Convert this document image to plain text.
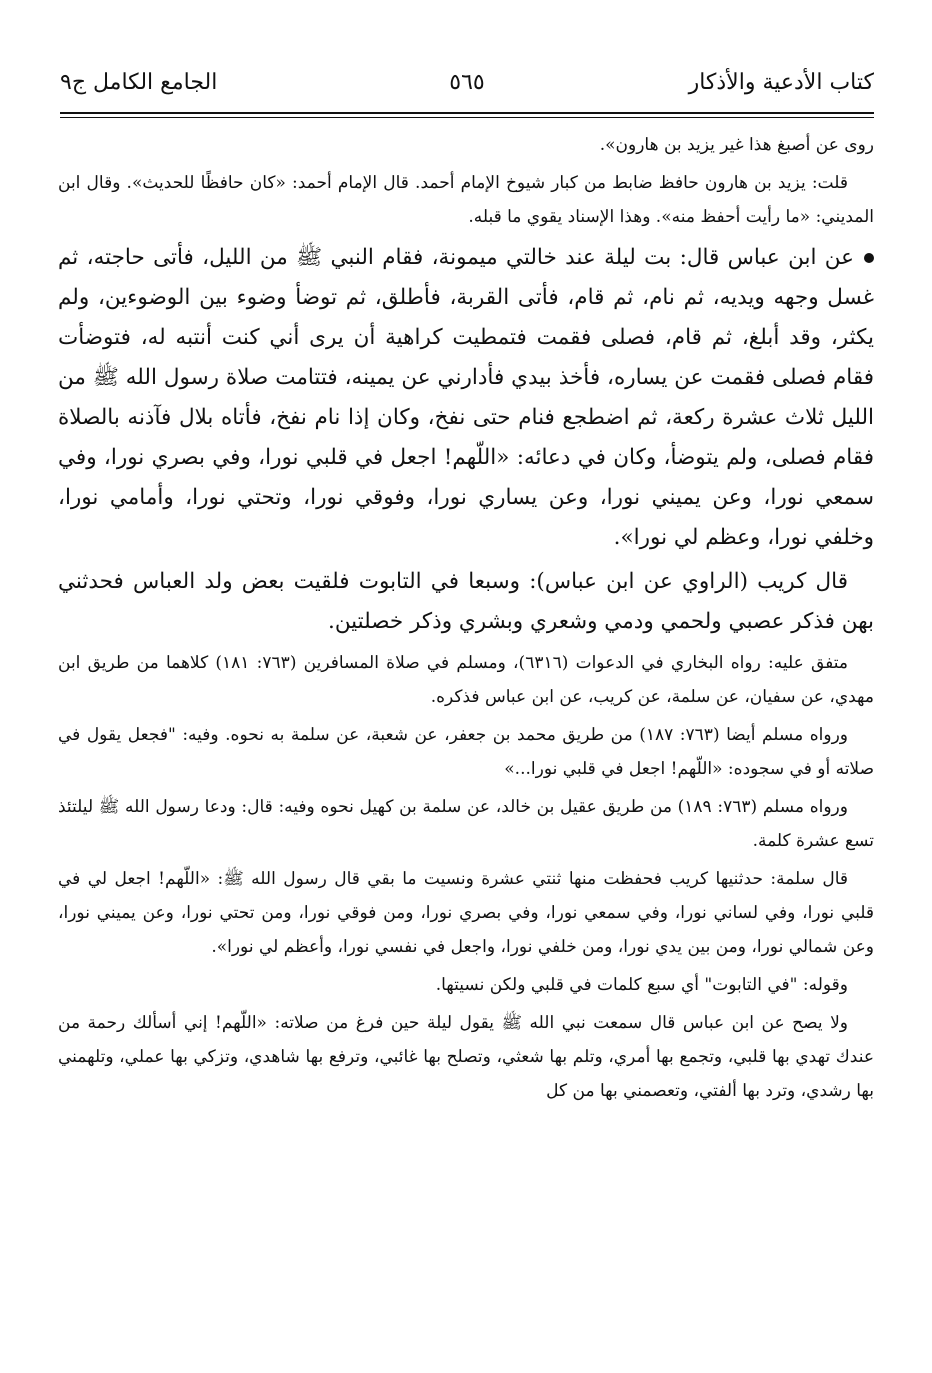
كتاب الأدعية والأذكار
٥٦٥
الجامع الكامل ج٩

روى عن أصبغ هذا غير يزيد بن هارون».

قلت: يزيد بن هارون حافظ ضابط من كبار شيوخ الإمام أحمد. قال الإمام أحمد: «كان حافظًا للحديث». وقال ابن المديني: «ما رأيت أحفظ منه». وهذا الإسناد يقوي ما قبله.

عن ابن عباس قال: بت ليلة عند خالتي ميمونة، فقام النبي ﷺ من الليل، فأتى حاجته، ثم غسل وجهه ويديه، ثم نام، ثم قام، فأتى القربة، فأطلق، ثم توضأ وضوء بين الوضوءين، ولم يكثر، وقد أبلغ، ثم قام، فصلى فقمت فتمطيت كراهية أن يرى أني كنت أنتبه له، فتوضأت فقام فصلى فقمت عن يساره، فأخذ بيدي فأدارني عن يمينه، فتتامت صلاة رسول الله ﷺ من الليل ثلاث عشرة ركعة، ثم اضطجع فنام حتى نفخ، وكان إذا نام نفخ، فأتاه بلال فآذنه بالصلاة فقام فصلى، ولم يتوضأ، وكان في دعائه: «اللّهم! اجعل في قلبي نورا، وفي بصري نورا، وفي سمعي نورا، وعن يميني نورا، وعن يساري نورا، وفوقي نورا، وتحتي نورا، وأمامي نورا، وخلفي نورا، وعظم لي نورا».

قال كريب (الراوي عن ابن عباس): وسبعا في التابوت فلقيت بعض ولد العباس فحدثني بهن فذكر عصبي ولحمي ودمي وشعري وبشري وذكر خصلتين.

متفق عليه: رواه البخاري في الدعوات (٦٣١٦)، ومسلم في صلاة المسافرين (٧٦٣: ١٨١) كلاهما من طريق ابن مهدي، عن سفيان، عن سلمة، عن كريب، عن ابن عباس فذكره.

ورواه مسلم أيضا (٧٦٣: ١٨٧) من طريق محمد بن جعفر، عن شعبة، عن سلمة به نحوه. وفيه: "فجعل يقول في صلاته أو في سجوده: «اللّهم! اجعل في قلبي نورا...»

ورواه مسلم (٧٦٣: ١٨٩) من طريق عقيل بن خالد، عن سلمة بن كهيل نحوه وفيه: قال: ودعا رسول الله ﷺ ليلتئذ تسع عشرة كلمة.

قال سلمة: حدثنيها كريب فحفظت منها ثنتي عشرة ونسيت ما بقي قال رسول الله ﷺ: «اللّهم! اجعل لي في قلبي نورا، وفي لساني نورا، وفي سمعي نورا، وفي بصري نورا، ومن فوقي نورا، ومن تحتي نورا، وعن يميني نورا، وعن شمالي نورا، ومن بين يدي نورا، ومن خلفي نورا، واجعل في نفسي نورا، وأعظم لي نورا».

وقوله: "في التابوت" أي سبع كلمات في قلبي ولكن نسيتها.

ولا يصح عن ابن عباس قال سمعت نبي الله ﷺ يقول ليلة حين فرغ من صلاته: «اللّهم! إني أسألك رحمة من عندك تهدي بها قلبي، وتجمع بها أمري، وتلم بها شعثي، وتصلح بها غائبي، وترفع بها شاهدي، وتزكي بها عملي، وتلهمني بها رشدي، وترد بها ألفتي، وتعصمني بها من كل
